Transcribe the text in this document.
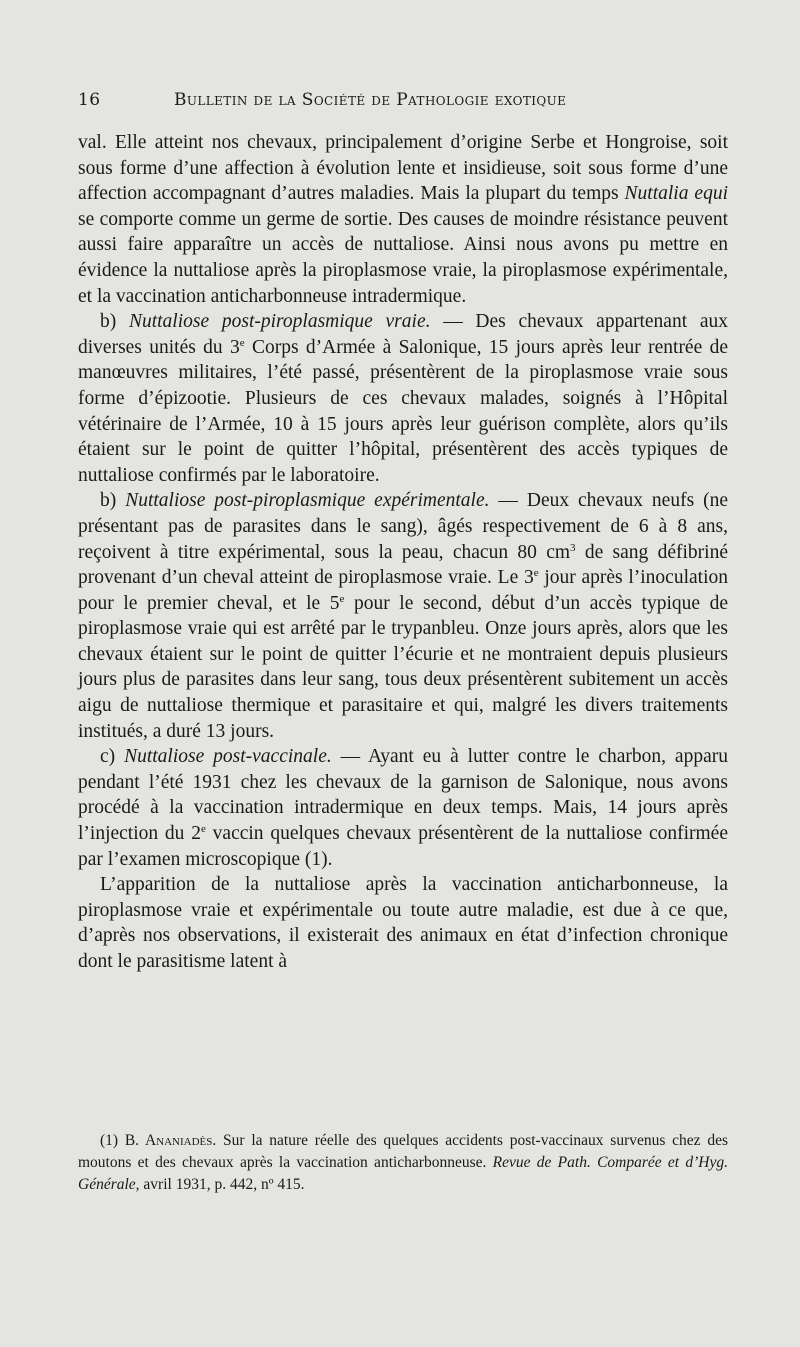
16	Bulletin de la Société de Pathologie exotique

val. Elle atteint nos chevaux, principalement d’origine Serbe et Hongroise, soit sous forme d’une affection à évolution lente et insidieuse, soit sous forme d’une affection accompagnant d’autres maladies. Mais la plupart du temps Nuttalia equi se comporte comme un germe de sortie. Des causes de moindre résistance peuvent aussi faire apparaître un accès de nuttaliose. Ainsi nous avons pu mettre en évidence la nuttaliose après la piroplasmose vraie, la piroplasmose expérimentale, et la vaccination anticharbonneuse intradermique.

b) Nuttaliose post-piroplasmique vraie. — Des chevaux appartenant aux diverses unités du 3e Corps d’Armée à Salonique, 15 jours après leur rentrée de manœuvres militaires, l’été passé, présentèrent de la piroplasmose vraie sous forme d’épizootie. Plusieurs de ces chevaux malades, soignés à l’Hôpital vétérinaire de l’Armée, 10 à 15 jours après leur guérison complète, alors qu’ils étaient sur le point de quitter l’hôpital, présentèrent des accès typiques de nuttaliose confirmés par le laboratoire.

b) Nuttaliose post-piroplasmique expérimentale. — Deux chevaux neufs (ne présentant pas de parasites dans le sang), âgés respectivement de 6 à 8 ans, reçoivent à titre expérimental, sous la peau, chacun 80 $cm^3$ de sang défibriné provenant d’un cheval atteint de piroplasmose vraie. Le 3e jour après l’inoculation pour le premier cheval, et le 5e pour le second, début d’un accès typique de piroplasmose vraie qui est arrêté par le trypanbleu. Onze jours après, alors que les chevaux étaient sur le point de quitter l’écurie et ne montraient depuis plusieurs jours plus de parasites dans leur sang, tous deux présentèrent subitement un accès aigu de nuttaliose thermique et parasitaire et qui, malgré les divers traitements institués, a duré 13 jours.

c) Nuttaliose post-vaccinale. — Ayant eu à lutter contre le charbon, apparu pendant l’été 1931 chez les chevaux de la garnison de Salonique, nous avons procédé à la vaccination intradermique en deux temps. Mais, 14 jours après l’injection du 2e vaccin quelques chevaux présentèrent de la nuttaliose confirmée par l’examen microscopique (1).

L’apparition de la nuttaliose après la vaccination anticharbonneuse, la piroplasmose vraie et expérimentale ou toute autre maladie, est due à ce que, d’après nos observations, il existerait des animaux en état d’infection chronique dont le parasitisme latent à

(1) B. Ananiadès. Sur la nature réelle des quelques accidents post-vaccinaux survenus chez des moutons et des chevaux après la vaccination anticharbonneuse. Revue de Path. Comparée et d’Hyg. Générale, avril 1931, p. 442, nº 415.
